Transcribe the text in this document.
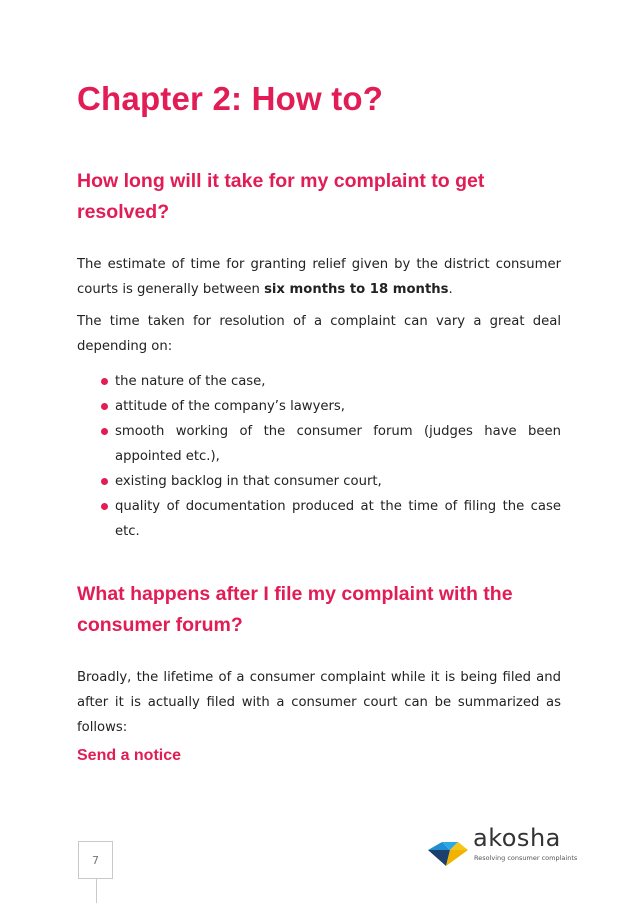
Chapter 2: How to?
How long will it take for my complaint to get resolved?

The estimate of time for granting relief given by the district consumer courts is generally between six months to 18 months.

The time taken for resolution of a complaint can vary a great deal depending on:

the nature of the case,
attitude of the company’s lawyers,
smooth working of the consumer forum (judges have been appointed etc.),
existing backlog in that consumer court,
quality of documentation produced at the time of filing the case etc.
What happens after I file my complaint with the consumer forum?

Broadly, the lifetime of a consumer complaint while it is being filed and after it is actually filed with a consumer court can be summarized as follows:

Send a notice
7
akosha
Resolving consumer complaints
